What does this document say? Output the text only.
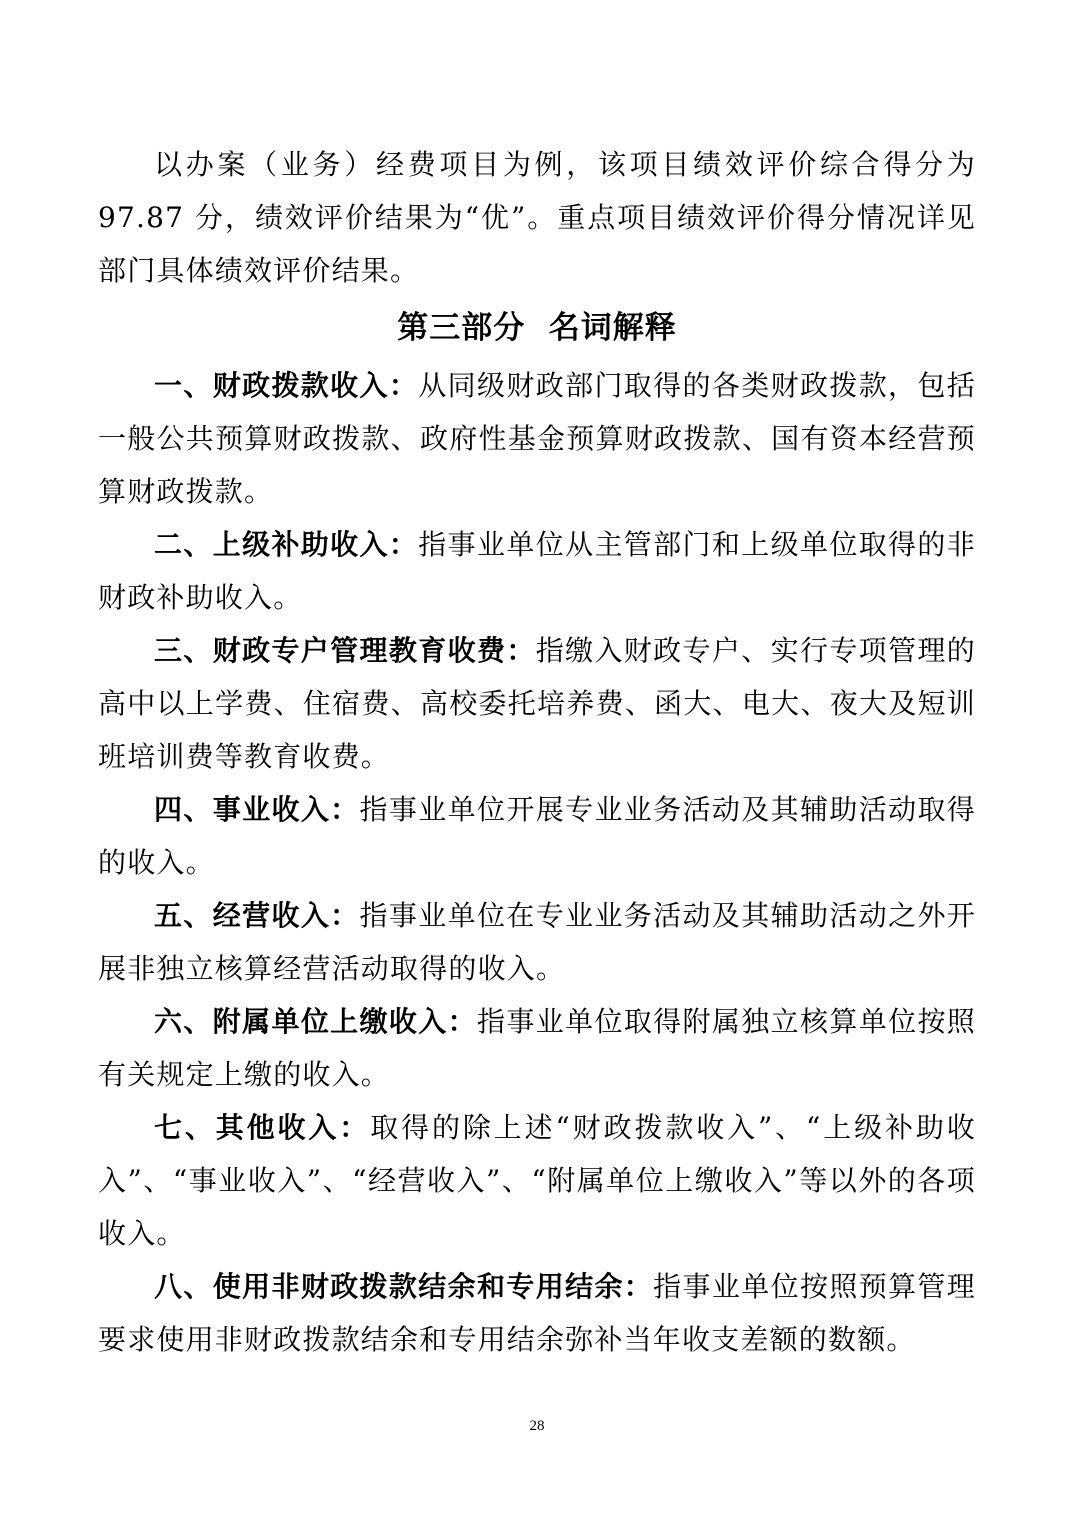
以办案（业务）经费项目为例，该项目绩效评价综合得分为 97.87 分，绩效评价结果为“优”。重点项目绩效评价得分情况详见部门具体绩效评价结果。

第三部分  名词解释

一、财政拨款收入：从同级财政部门取得的各类财政拨款，包括一般公共预算财政拨款、政府性基金预算财政拨款、国有资本经营预算财政拨款。

二、上级补助收入：指事业单位从主管部门和上级单位取得的非财政补助收入。

三、财政专户管理教育收费：指缴入财政专户、实行专项管理的高中以上学费、住宿费、高校委托培养费、函大、电大、夜大及短训班培训费等教育收费。

四、事业收入：指事业单位开展专业业务活动及其辅助活动取得的收入。

五、经营收入：指事业单位在专业业务活动及其辅助活动之外开展非独立核算经营活动取得的收入。

六、附属单位上缴收入：指事业单位取得附属独立核算单位按照有关规定上缴的收入。

七、其他收入：取得的除上述“财政拨款收入”、“上级补助收入”、“事业收入”、“经营收入”、“附属单位上缴收入”等以外的各项收入。

八、使用非财政拨款结余和专用结余：指事业单位按照预算管理要求使用非财政拨款结余和专用结余弥补当年收支差额的数额。

28
